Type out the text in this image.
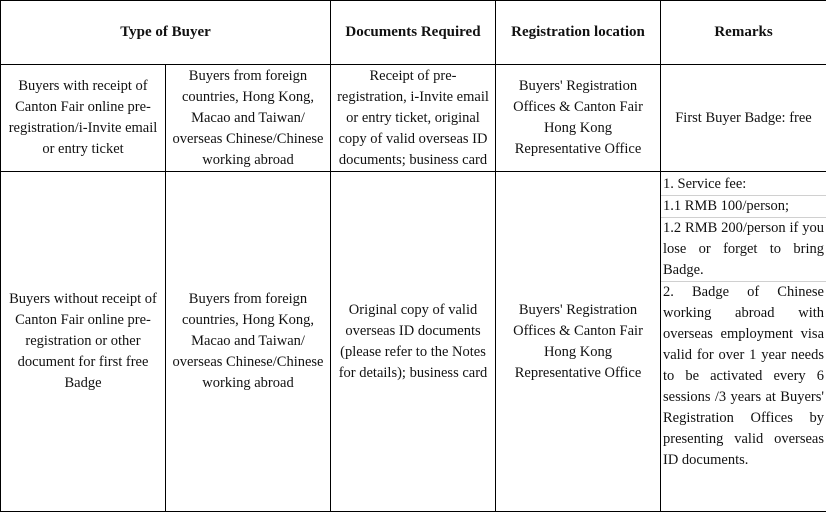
Type of Buyer		Documents Required	Registration location	Remarks
Buyers with receipt of Canton Fair online pre-registration/i-Invite email or entry ticket	Buyers from foreign countries, Hong Kong, Macao and Taiwan/ overseas Chinese/Chinese working abroad	Receipt of pre-registration, i-Invite email or entry ticket, original copy of valid overseas ID documents; business card	Buyers' Registration Offices & Canton Fair Hong Kong Representative Office	First Buyer Badge: free
Buyers without receipt of Canton Fair online pre-registration or other document for first free Badge	Buyers from foreign countries, Hong Kong, Macao and Taiwan/ overseas Chinese/Chinese working abroad	Original copy of valid overseas ID documents (please refer to the Notes for details); business card	Buyers' Registration Offices & Canton Fair Hong Kong Representative Office	1. Service fee:
1.1 RMB 100/person;
1.2 RMB 200/person if you lose or forget to bring Badge.
2. Badge of Chinese working abroad with overseas employment visa valid for over 1 year needs to be activated every 6 sessions /3 years at Buyers' Registration Offices by presenting valid overseas ID documents.
